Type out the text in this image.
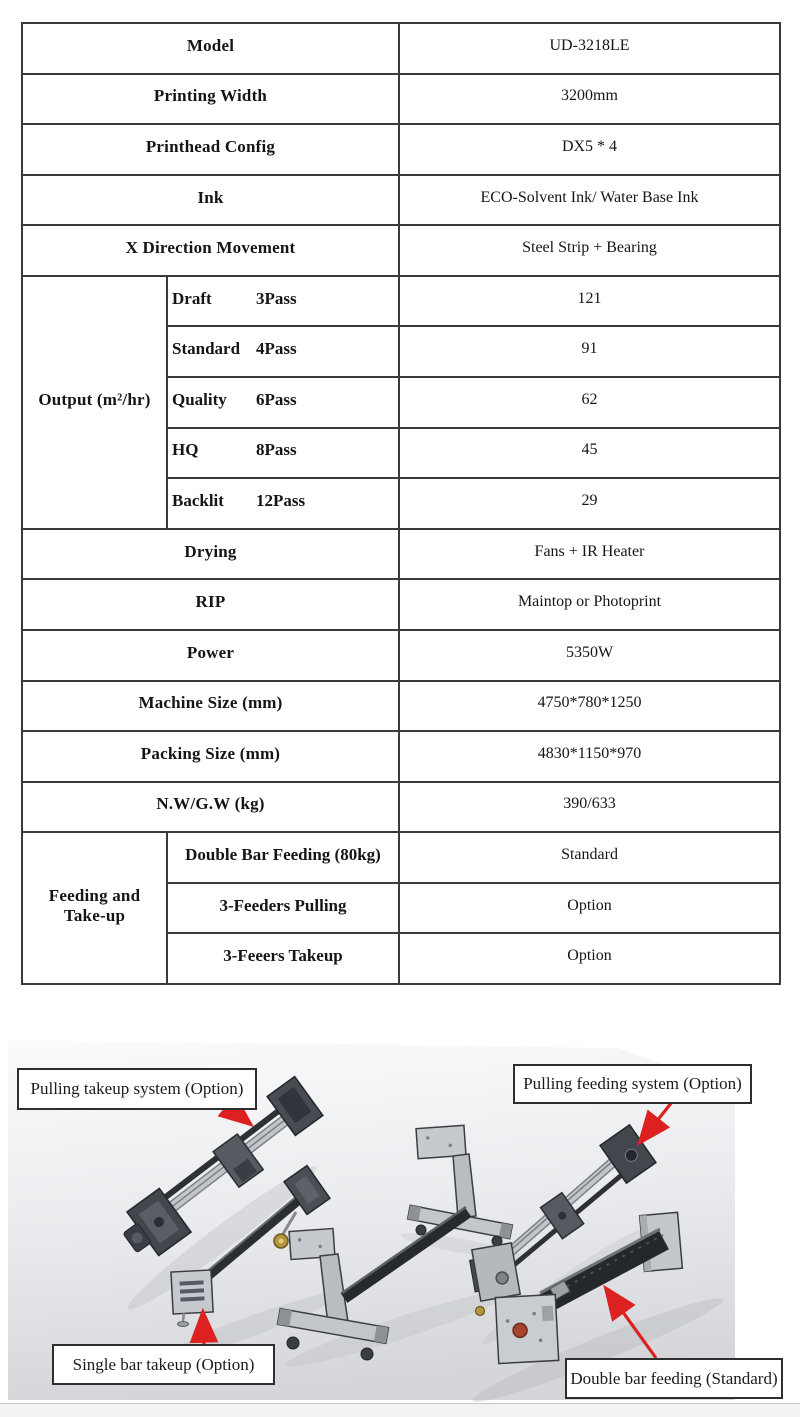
Model		UD-3218LE
Printing Width		3200mm
Printhead Config		DX5 * 4
Ink		ECO-Solvent Ink/ Water Base Ink
X Direction Movement		Steel Strip + Bearing
Output (m²/hr)	Draft 3Pass	121
	Standard 4Pass	91
	Quality 6Pass	62
	HQ 8Pass	45
	Backlit 12Pass	29
Drying		Fans + IR Heater
RIP		Maintop or Photoprint
Power		5350W
Machine Size (mm)		4750*780*1250
Packing Size (mm)		4830*1150*970
N.W/G.W (kg)		390/633
Feeding and Take-up	Double Bar Feeding (80kg)	Standard
	3-Feeders Pulling	Option
	3-Feeers Takeup	Option
Pulling takeup system (Option)	Pulling feeding system (Option)
Single bar takeup (Option)
Double bar feeding (Standard)
